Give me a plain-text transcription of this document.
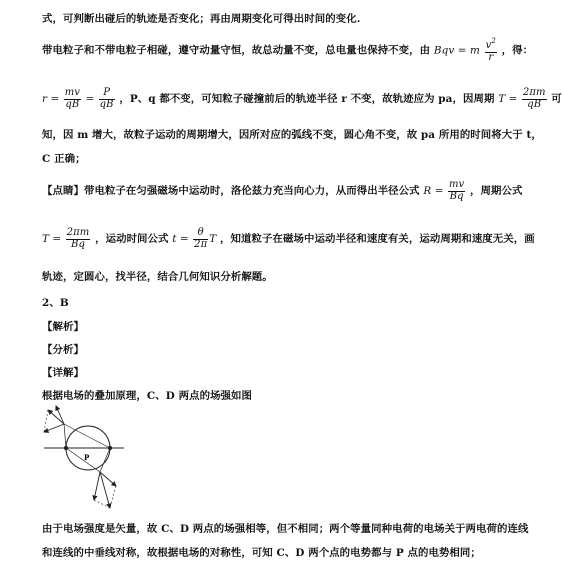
式，可判断出碰后的轨迹是否变化；再由周期变化可得出时间的变化.
带电粒子和不带电粒子相碰，遵守动量守恒，故总动量不变，总电量也保持不变，由 Bqv = m $\frac{v^2}{r}$ ，得：
$r = \frac{mv}{qB} = \frac{P}{qB}$ ，P、q 都不变，可知粒子碰撞前后的轨迹半径 r 不变，故轨迹应为 pa，因周期 $T = \frac{2\pi m}{qB}$ 可
知，因 m 增大，故粒子运动的周期增大，因所对应的弧线不变，圆心角不变，故 pa 所用的时间将大于 t，
C 正确；
【点睛】带电粒子在匀强磁场中运动时，洛伦兹力充当向心力，从而得出半径公式 $R = \frac{mv}{Bq}$ ，周期公式
$T = \frac{2\pi m}{Bq}$ ，运动时间公式 $t = \frac{\theta}{2\pi}$ T ，知道粒子在磁场中运动半径和速度有关，运动周期和速度无关，画
轨迹，定圆心，找半径，结合几何知识分析解题。
2、B
【解析】
【分析】
【详解】
根据电场的叠加原理，C、D 两点的场强如图
P
由于电场强度是矢量，故 C、D 两点的场强相等，但不相同；两个等量同种电荷的电场关于两电荷的连线
和连线的中垂线对称，故根据电场的对称性，可知 C、D 两个点的电势都与 P 点的电势相同；
